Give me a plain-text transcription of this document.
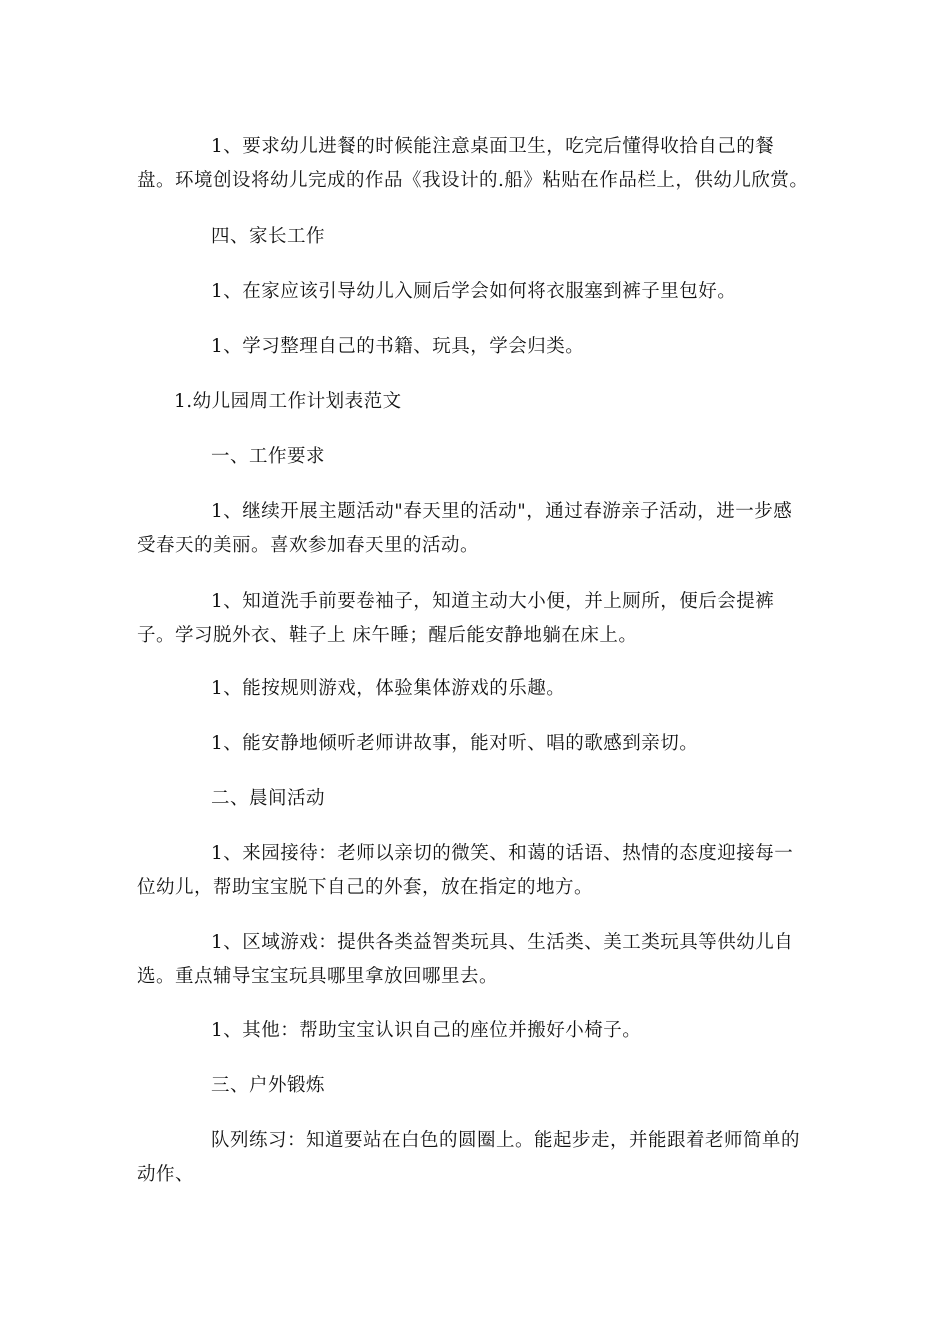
1、要求幼儿进餐的时候能注意桌面卫生，吃完后懂得收拾自己的餐盘。环境创设将幼儿完成的作品《我设计的.船》粘贴在作品栏上，供幼儿欣赏。

四、家长工作

1、在家应该引导幼儿入厕后学会如何将衣服塞到裤子里包好。

1、学习整理自己的书籍、玩具，学会归类。

1.幼儿园周工作计划表范文

一、工作要求

1、继续开展主题活动"春天里的活动"，通过春游亲子活动，进一步感受春天的美丽。喜欢参加春天里的活动。

1、知道洗手前要卷袖子，知道主动大小便，并上厕所，便后会提裤子。学习脱外衣、鞋子上 床午睡；醒后能安静地躺在床上。

1、能按规则游戏，体验集体游戏的乐趣。

1、能安静地倾听老师讲故事，能对听、唱的歌感到亲切。

二、晨间活动

1、来园接待：老师以亲切的微笑、和蔼的话语、热情的态度迎接每一位幼儿，帮助宝宝脱下自己的外套，放在指定的地方。

1、区域游戏：提供各类益智类玩具、生活类、美工类玩具等供幼儿自选。重点辅导宝宝玩具哪里拿放回哪里去。

1、其他：帮助宝宝认识自己的座位并搬好小椅子。

三、户外锻炼

队列练习：知道要站在白色的圆圈上。能起步走，并能跟着老师简单的动作、
